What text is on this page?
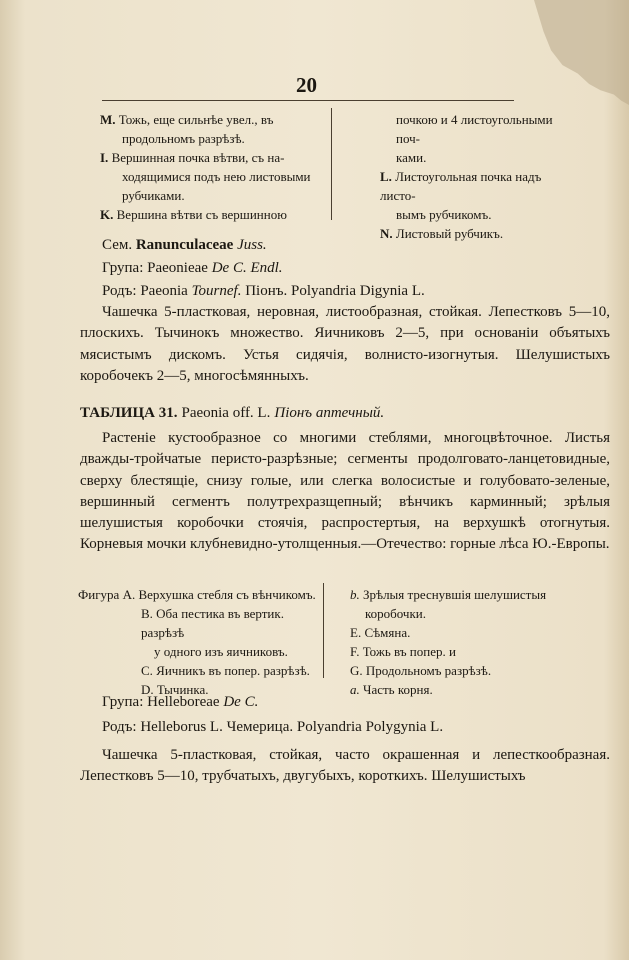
20

M. Тожь, еще сильнѣе увел., въ

продольномъ разрѣзѣ.

I. Вершинная почка вѣтви, съ на-

ходящимися подъ нею листовыми

рубчиками.

K. Вершина вѣтви съ вершинною

почкою и 4 листоугольными поч-

ками.

L. Листоугольная почка надъ листо-

вымъ рубчикомъ.

N. Листовый рубчикъ.

Сем. Ranunculaceae Juss.
Група: Paeonieae De C. Endl.
Родъ: Paeonia Tournef. Піонъ. Polyandria Digynia L.
Чашечка 5-пластковая, неровная, листообразная, стойкая. Лепестковъ 5—10, плоскихъ. Тычинокъ множество. Яичниковъ 2—5, при основаніи объятыхъ мясистымъ дискомъ. Устья сидячія, волнисто-изогнутыя. Шелушистыхъ коробочекъ 2—5, многосѣмянныхъ.
ТАБЛИЦА 31. Paeonia off. L. Піонъ аптечный.
Растеніе кустообразное со многими стеблями, многоцвѣточное. Листья дважды-тройчатые перисто-разрѣзные; сегменты продолговато-ланцетовидные, сверху блестящіе, снизу голые, или слегка волосистые и голубовато-зеленые, вершинный сегментъ полутрехразщепный; вѣнчикъ карминный; зрѣлыя шелушистыя коробочки стоячія, распростертыя, на верхушкѣ отогнутыя. Корневыя мочки клубневидно-утолщенныя.—Отечество: горные лѣса Ю.-Европы.

Фигура A. Верхушка стебля съ вѣнчикомъ.

B. Оба пестика въ вертик. разрѣзѣ

у одного изъ яичниковъ.

C. Яичникъ въ попер. разрѣзѣ.

D. Тычинка.

b. Зрѣлыя треснувшія шелушистыя

коробочки.

E. Сѣмяна.

F. Тожь въ попер. и

G. Продольномъ разрѣзѣ.

a. Часть корня.

Група: Helleboreae De C.
Родъ: Helleborus L. Чемерица. Polyandria Polygynia L.
Чашечка 5-пластковая, стойкая, часто окрашенная и лепесткообразная. Лепестковъ 5—10, трубчатыхъ, двугубыхъ, короткихъ. Шелушистыхъ
